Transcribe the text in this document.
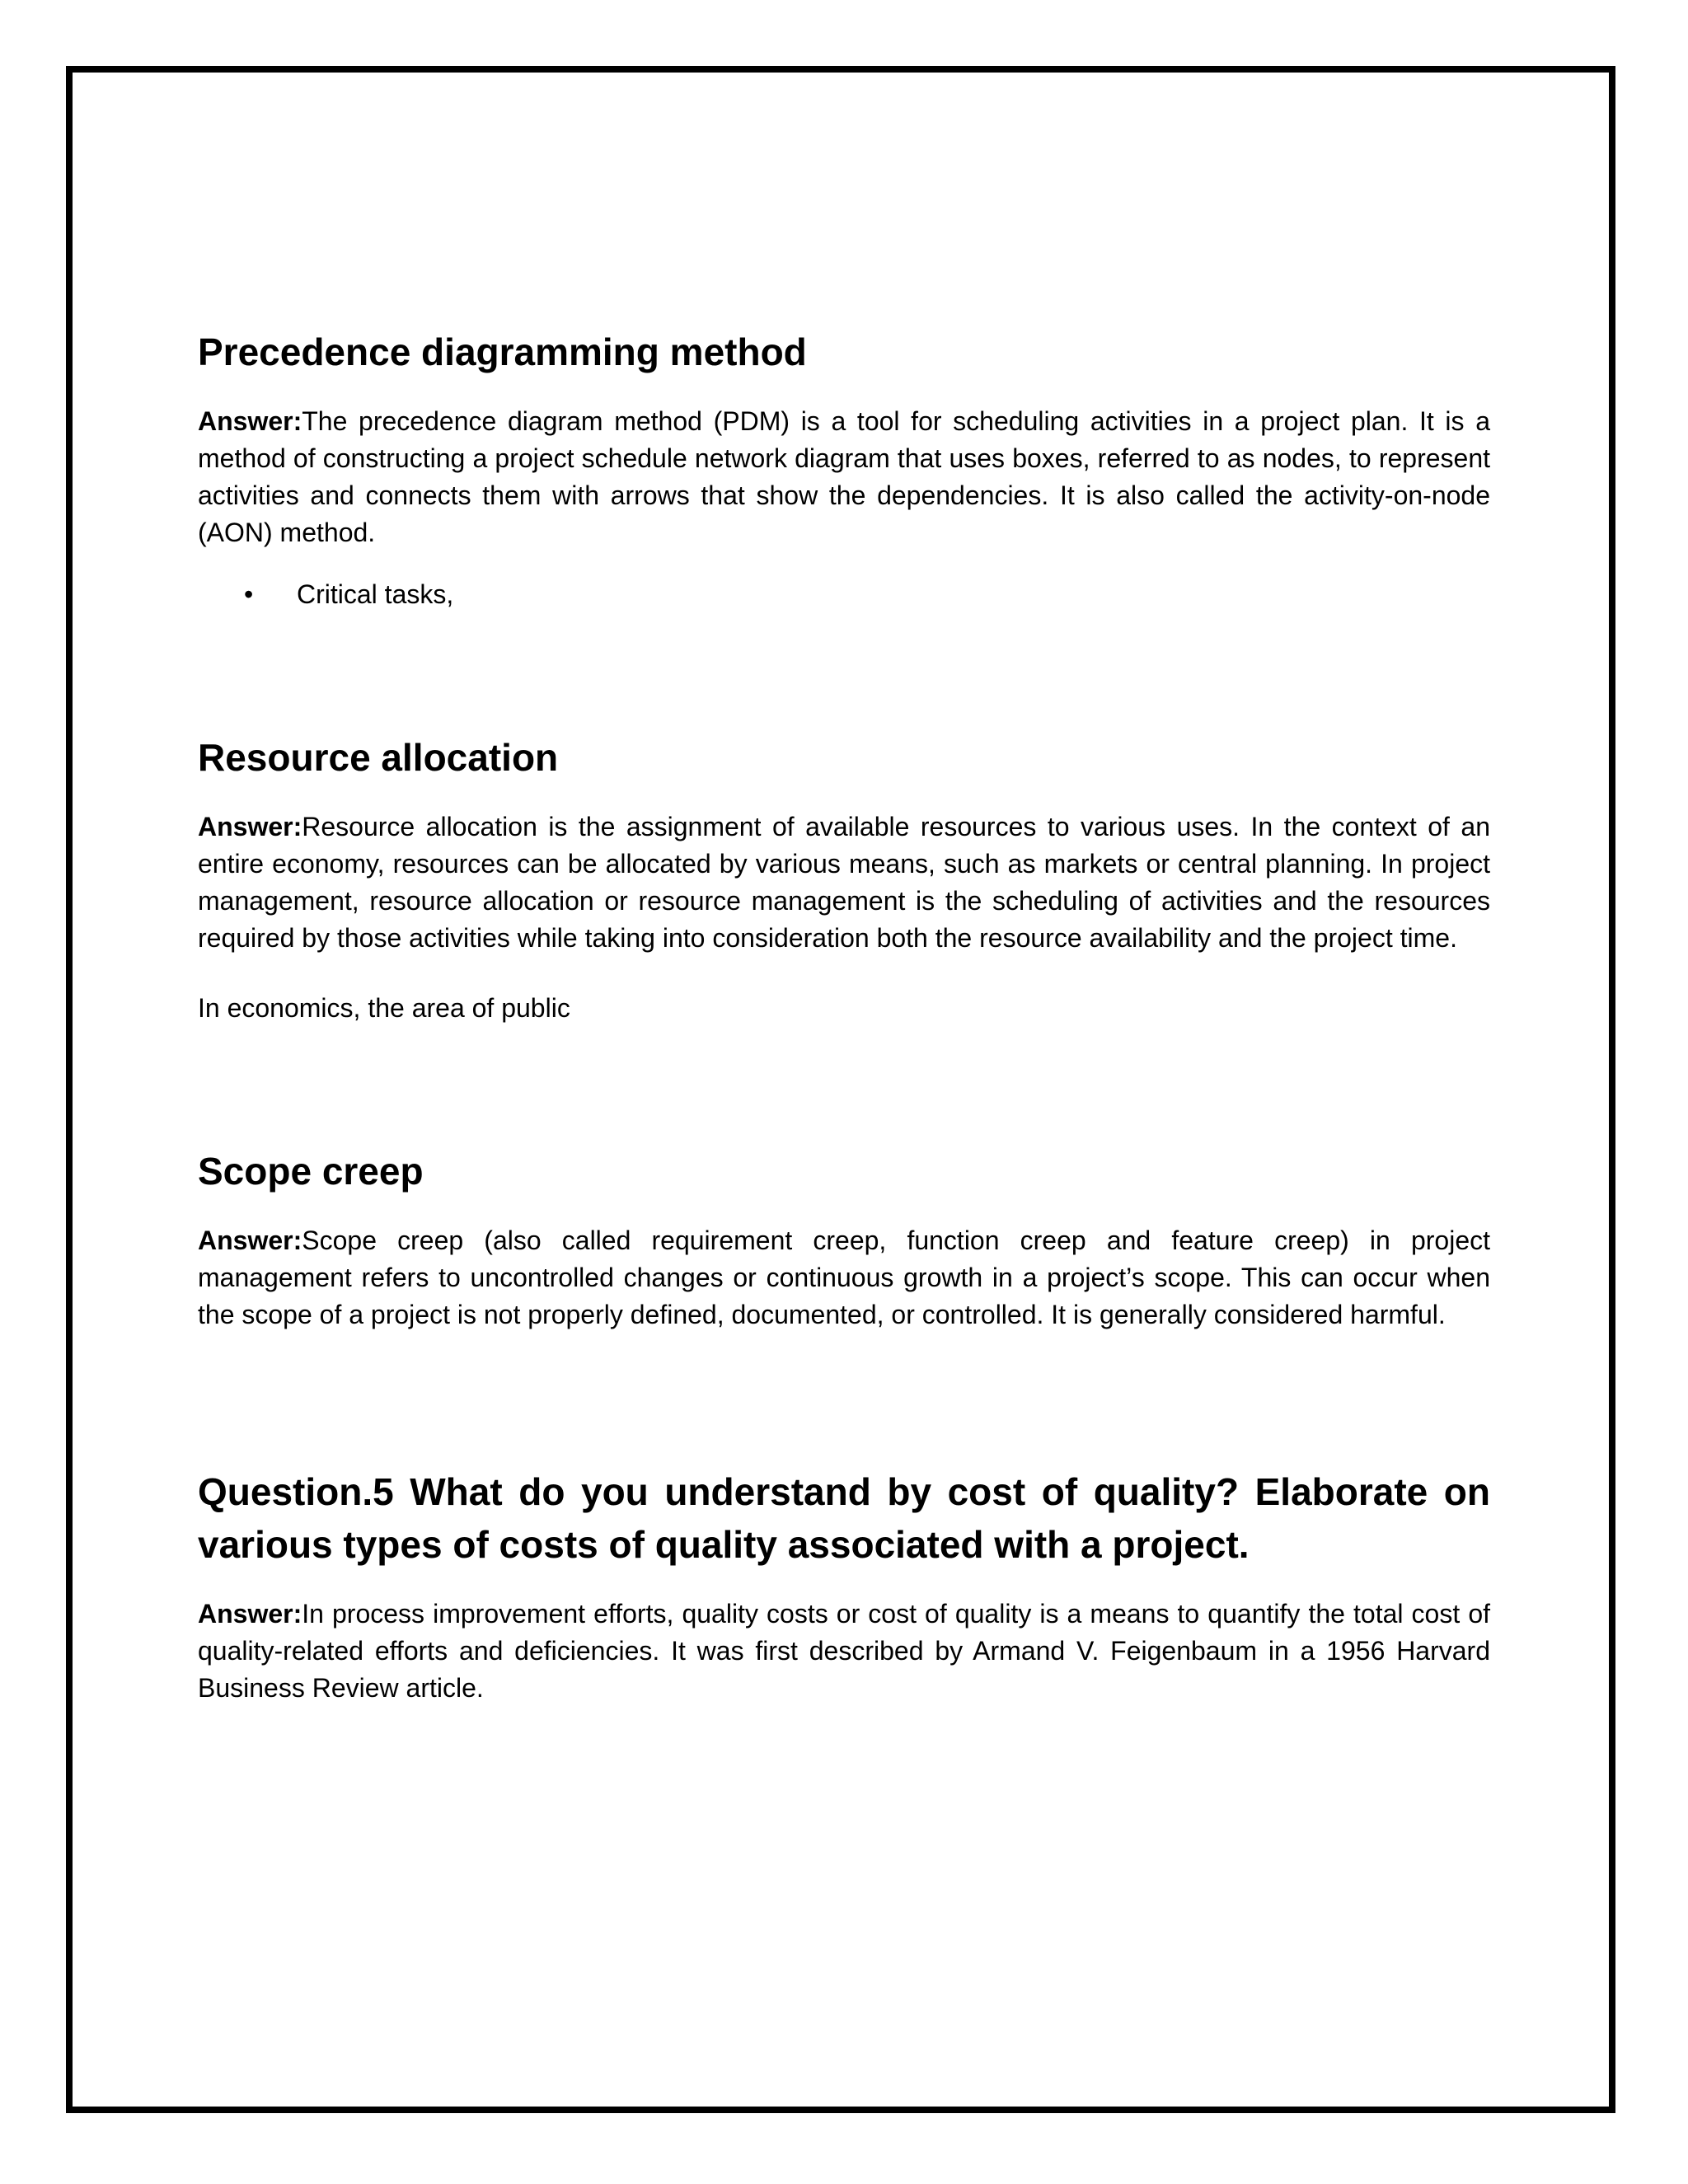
Precedence diagramming method

Answer:The precedence diagram method (PDM) is a tool for scheduling activities in a project plan. It is a method of constructing a project schedule network diagram that uses boxes, referred to as nodes, to represent activities and connects them with arrows that show the dependencies. It is also called the activity-on-node (AON) method.

• Critical tasks,
Resource allocation

Answer:Resource allocation is the assignment of available resources to various uses. In the context of an entire economy, resources can be allocated by various means, such as markets or central planning. In project management, resource allocation or resource management is the scheduling of activities and the resources required by those activities while taking into consideration both the resource availability and the project time.

In economics, the area of public

Scope creep

Answer:Scope creep (also called requirement creep, function creep and feature creep) in project management refers to uncontrolled changes or continuous growth in a project’s scope. This can occur when the scope of a project is not properly defined, documented, or controlled. It is generally considered harmful.

Question.5 What do you understand by cost of quality? Elaborate on various types of costs of quality associated with a project.

Answer:In process improvement efforts, quality costs or cost of quality is a means to quantify the total cost of quality-related efforts and deficiencies. It was first described by Armand V. Feigenbaum in a 1956 Harvard Business Review article.
